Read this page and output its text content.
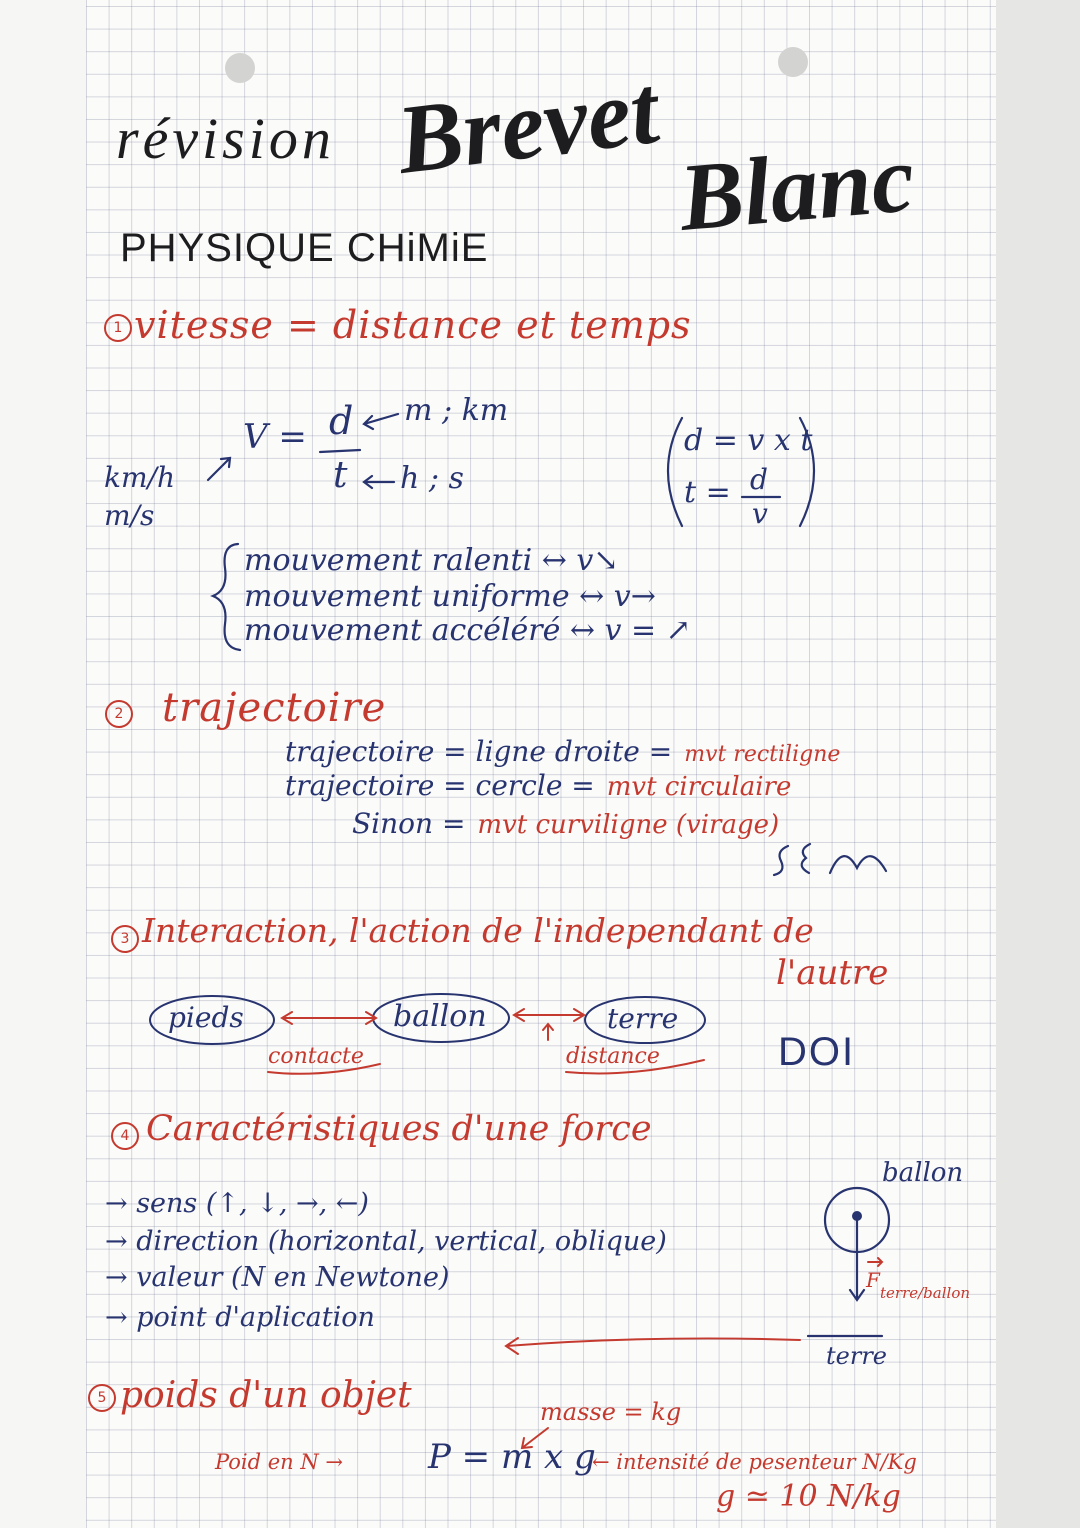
révision Brevet Blanc
PHYSIQUE CHiMiE
1 vitesse = distance et temps
V = d
t
m ; km
h ; s
km/h
m/s
d = v x t
t = d
v
mouvement ralenti ↔ v↘
mouvement uniforme ↔ v→
mouvement accéléré ↔ v = ↗
2 trajectoire
trajectoire = ligne droite = mvt rectiligne
trajectoire = cercle = mvt circulaire
Sinon = mvt curviligne (virage)
3 Interaction, l'action de l'independant de
l'autre
pieds	ballon	terre
contacte	distance	DOI
4 Caractéristiques d'une force
→ sens (↑, ↓, →, ←)
→ direction (horizontal, vertical, oblique)
→ valeur (N en Newtone)
→ point d'aplication
ballon
F
terre/ballon
terre
5 poids d'un objet	masse = kg
Poid en N → P = m x g
← intensité de pesenteur N/Kg
g ≃ 10 N/kg
